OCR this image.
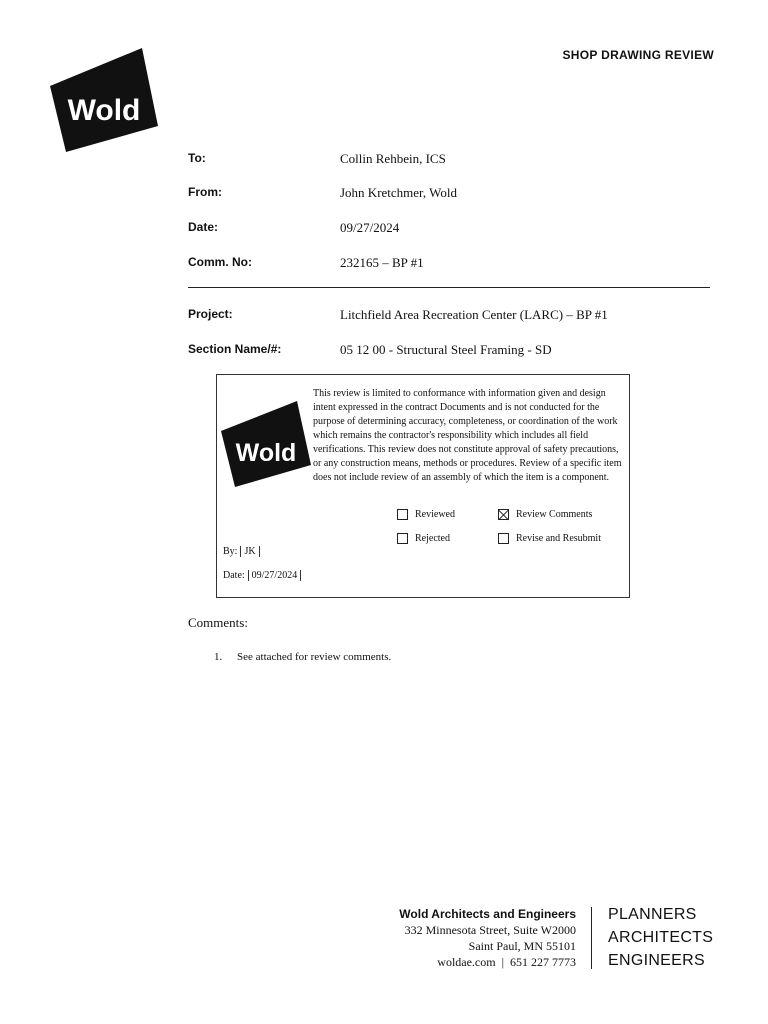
SHOP DRAWING REVIEW
Wold
To:	Collin Rehbein, ICS
From:	John Kretchmer, Wold
Date:	09/27/2024
Comm. No:	232165 – BP #1
Project:	Litchfield Area Recreation Center (LARC) – BP #1
Section Name/#:	05 12 00 - Structural Steel Framing - SD
Wold
This review is limited to conformance with information given and design intent expressed in the contract Documents and is not conducted for the purpose of determining accuracy, completeness, or coordination of the work which remains the contractor's responsibility which includes all field verifications. This review does not constitute approval of safety precautions, or any construction means, methods or procedures. Review of a specific item does not include review of an assembly of which the item is a component.
Reviewed	Review Comments
Rejected	Revise and Resubmit
By: JK
Date: 09/27/2024
Comments:
1.	See attached for review comments.
Wold Architects and Engineers
332 Minnesota Street, Suite W2000
Saint Paul, MN 55101
woldae.com  |  651 227 7773
PLANNERS
ARCHITECTS
ENGINEERS
